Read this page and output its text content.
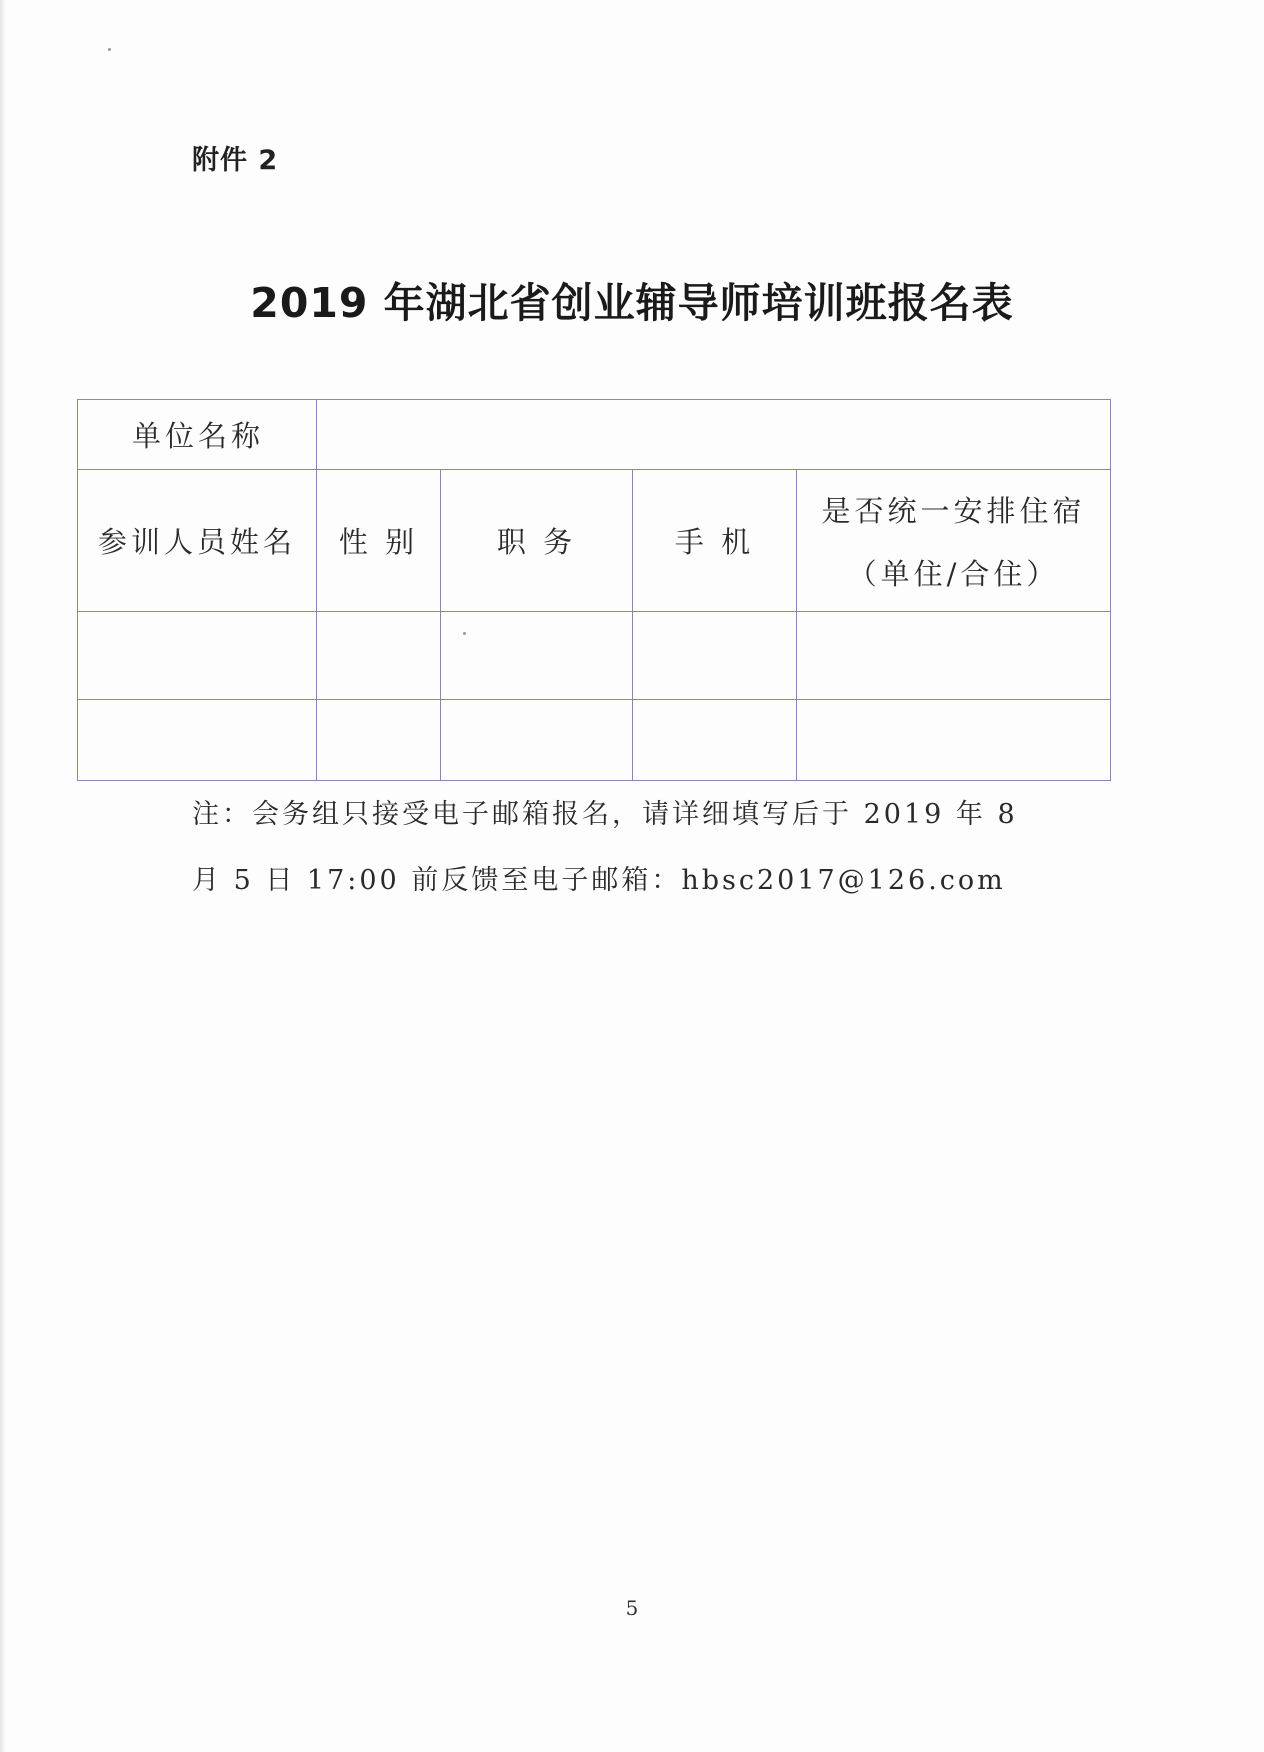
附件 2
2019 年湖北省创业辅导师培训班报名表
单位名称				
参训人员姓名	性 别	职 务	手 机	是否统一安排住宿
（单住/合住）

注：会务组只接受电子邮箱报名，请详细填写后于 2019 年 8
月 5 日 17:00 前反馈至电子邮箱：hbsc2017@126.com
5
